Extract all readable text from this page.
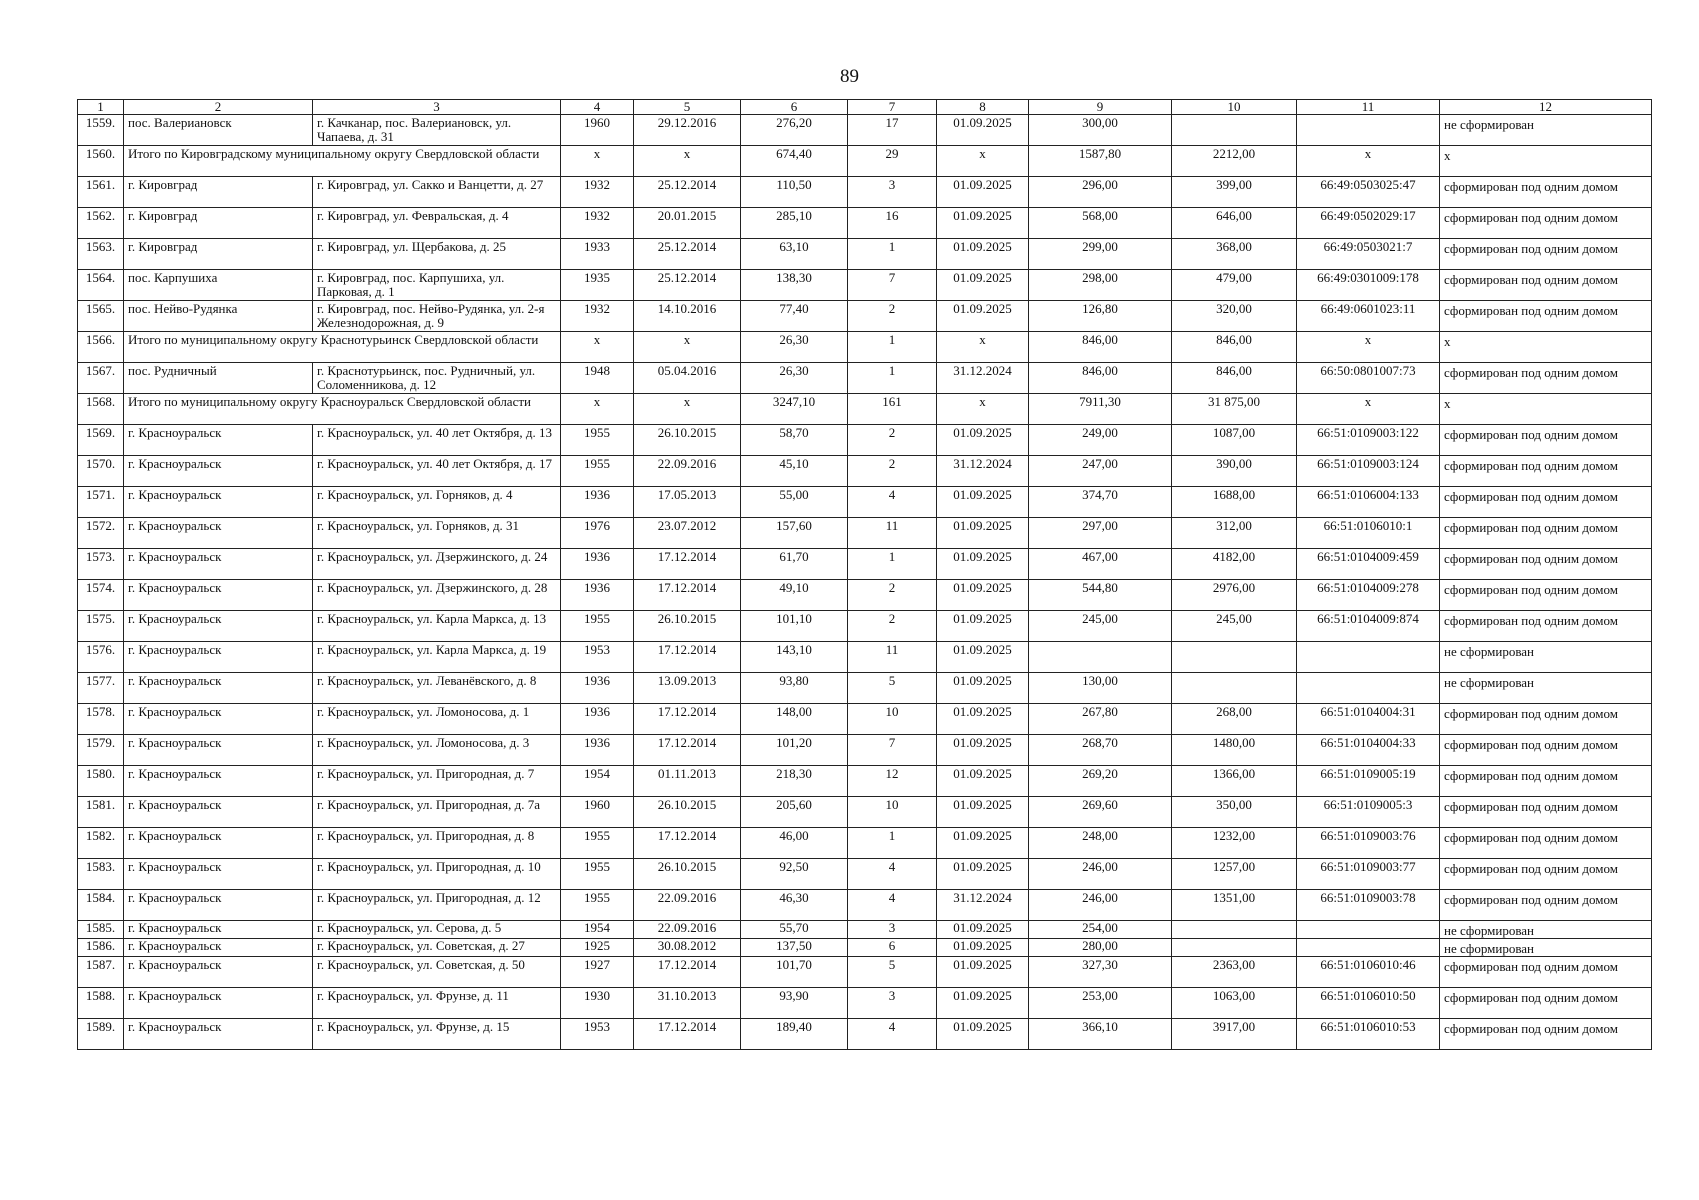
89
1	2	3	4	5	6	7	8	9	10	11	12
1559.	пос. Валериановск	г. Качканар, пос. Валериановск, ул. Чапаева, д. 31	1960	29.12.2016	276,20	17	01.09.2025	300,00			не сформирован
1560.	Итого по Кировградскому муниципальному округу Свердловской области		x	x	674,40	29	x	1587,80	2212,00	x	x
1561.	г. Кировград	г. Кировград, ул. Сакко и Ванцетти, д. 27	1932	25.12.2014	110,50	3	01.09.2025	296,00	399,00	66:49:0503025:47	сформирован под одним домом
1562.	г. Кировград	г. Кировград, ул. Февральская, д. 4	1932	20.01.2015	285,10	16	01.09.2025	568,00	646,00	66:49:0502029:17	сформирован под одним домом
1563.	г. Кировград	г. Кировград, ул. Щербакова, д. 25	1933	25.12.2014	63,10	1	01.09.2025	299,00	368,00	66:49:0503021:7	сформирован под одним домом
1564.	пос. Карпушиха	г. Кировград, пос. Карпушиха, ул. Парковая, д. 1	1935	25.12.2014	138,30	7	01.09.2025	298,00	479,00	66:49:0301009:178	сформирован под одним домом
1565.	пос. Нейво-Рудянка	г. Кировград, пос. Нейво-Рудянка, ул. 2-я Железнодорожная, д. 9	1932	14.10.2016	77,40	2	01.09.2025	126,80	320,00	66:49:0601023:11	сформирован под одним домом
1566.	Итого по муниципальному округу Краснотурьинск Свердловской области		x	x	26,30	1	x	846,00	846,00	x	x
1567.	пос. Рудничный	г. Краснотурьинск, пос. Рудничный, ул. Соломенникова, д. 12	1948	05.04.2016	26,30	1	31.12.2024	846,00	846,00	66:50:0801007:73	сформирован под одним домом
1568.	Итого по муниципальному округу Красноуральск Свердловской области		x	x	3247,10	161	x	7911,30	31 875,00	x	x
1569.	г. Красноуральск	г. Красноуральск, ул. 40 лет Октября, д. 13	1955	26.10.2015	58,70	2	01.09.2025	249,00	1087,00	66:51:0109003:122	сформирован под одним домом
1570.	г. Красноуральск	г. Красноуральск, ул. 40 лет Октября, д. 17	1955	22.09.2016	45,10	2	31.12.2024	247,00	390,00	66:51:0109003:124	сформирован под одним домом
1571.	г. Красноуральск	г. Красноуральск, ул. Горняков, д. 4	1936	17.05.2013	55,00	4	01.09.2025	374,70	1688,00	66:51:0106004:133	сформирован под одним домом
1572.	г. Красноуральск	г. Красноуральск, ул. Горняков, д. 31	1976	23.07.2012	157,60	11	01.09.2025	297,00	312,00	66:51:0106010:1	сформирован под одним домом
1573.	г. Красноуральск	г. Красноуральск, ул. Дзержинского, д. 24	1936	17.12.2014	61,70	1	01.09.2025	467,00	4182,00	66:51:0104009:459	сформирован под одним домом
1574.	г. Красноуральск	г. Красноуральск, ул. Дзержинского, д. 28	1936	17.12.2014	49,10	2	01.09.2025	544,80	2976,00	66:51:0104009:278	сформирован под одним домом
1575.	г. Красноуральск	г. Красноуральск, ул. Карла Маркса, д. 13	1955	26.10.2015	101,10	2	01.09.2025	245,00	245,00	66:51:0104009:874	сформирован под одним домом
1576.	г. Красноуральск	г. Красноуральск, ул. Карла Маркса, д. 19	1953	17.12.2014	143,10	11	01.09.2025				не сформирован
1577.	г. Красноуральск	г. Красноуральск, ул. Леванёвского, д. 8	1936	13.09.2013	93,80	5	01.09.2025	130,00			не сформирован
1578.	г. Красноуральск	г. Красноуральск, ул. Ломоносова, д. 1	1936	17.12.2014	148,00	10	01.09.2025	267,80	268,00	66:51:0104004:31	сформирован под одним домом
1579.	г. Красноуральск	г. Красноуральск, ул. Ломоносова, д. 3	1936	17.12.2014	101,20	7	01.09.2025	268,70	1480,00	66:51:0104004:33	сформирован под одним домом
1580.	г. Красноуральск	г. Красноуральск, ул. Пригородная, д. 7	1954	01.11.2013	218,30	12	01.09.2025	269,20	1366,00	66:51:0109005:19	сформирован под одним домом
1581.	г. Красноуральск	г. Красноуральск, ул. Пригородная, д. 7а	1960	26.10.2015	205,60	10	01.09.2025	269,60	350,00	66:51:0109005:3	сформирован под одним домом
1582.	г. Красноуральск	г. Красноуральск, ул. Пригородная, д. 8	1955	17.12.2014	46,00	1	01.09.2025	248,00	1232,00	66:51:0109003:76	сформирован под одним домом
1583.	г. Красноуральск	г. Красноуральск, ул. Пригородная, д. 10	1955	26.10.2015	92,50	4	01.09.2025	246,00	1257,00	66:51:0109003:77	сформирован под одним домом
1584.	г. Красноуральск	г. Красноуральск, ул. Пригородная, д. 12	1955	22.09.2016	46,30	4	31.12.2024	246,00	1351,00	66:51:0109003:78	сформирован под одним домом
1585.	г. Красноуральск	г. Красноуральск, ул. Серова, д. 5	1954	22.09.2016	55,70	3	01.09.2025	254,00			не сформирован
1586.	г. Красноуральск	г. Красноуральск, ул. Советская, д. 27	1925	30.08.2012	137,50	6	01.09.2025	280,00			не сформирован
1587.	г. Красноуральск	г. Красноуральск, ул. Советская, д. 50	1927	17.12.2014	101,70	5	01.09.2025	327,30	2363,00	66:51:0106010:46	сформирован под одним домом
1588.	г. Красноуральск	г. Красноуральск, ул. Фрунзе, д. 11	1930	31.10.2013	93,90	3	01.09.2025	253,00	1063,00	66:51:0106010:50	сформирован под одним домом
1589.	г. Красноуральск	г. Красноуральск, ул. Фрунзе, д. 15	1953	17.12.2014	189,40	4	01.09.2025	366,10	3917,00	66:51:0106010:53	сформирован под одним домом
